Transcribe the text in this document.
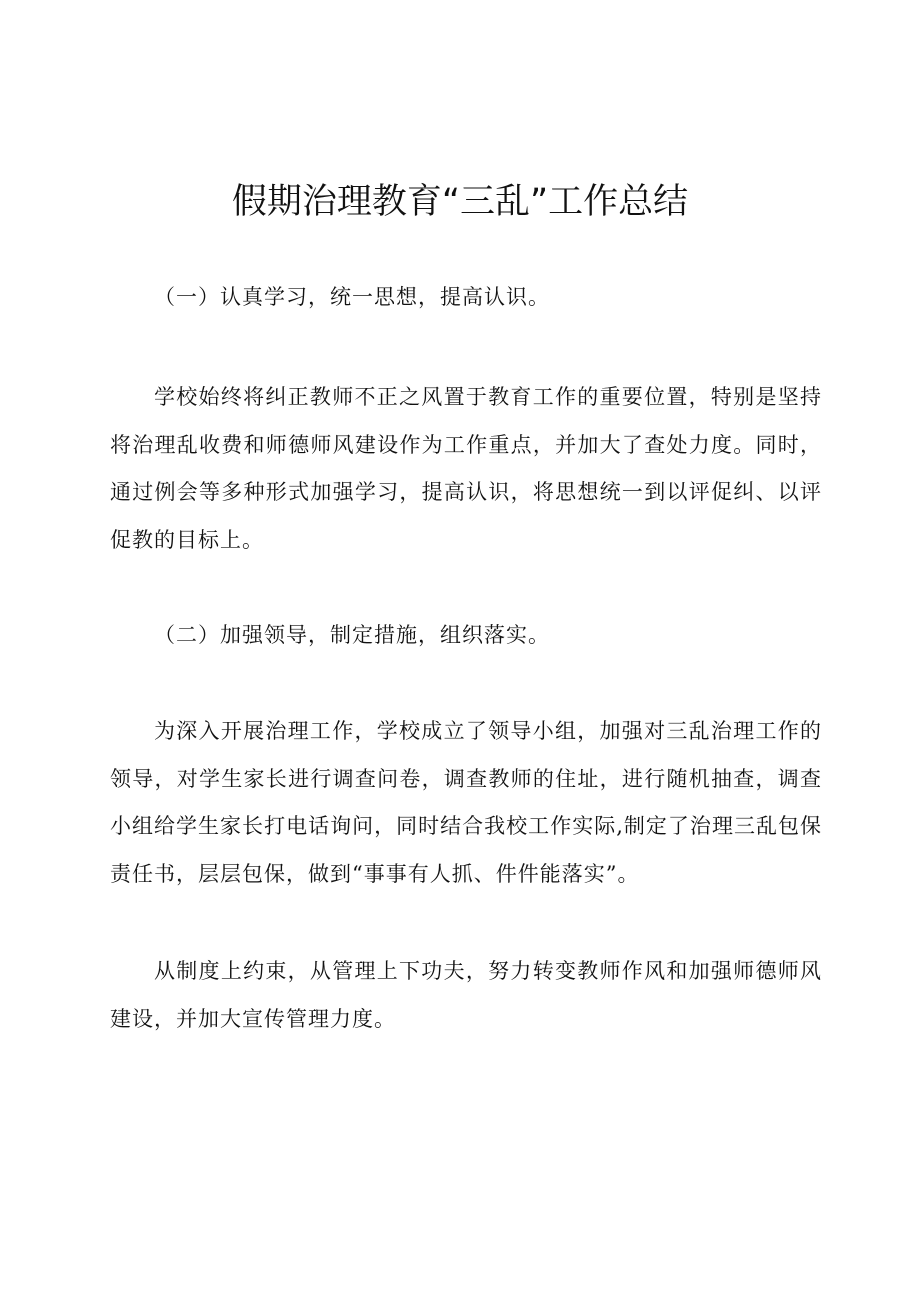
假期治理教育“三乱”工作总结

（一）认真学习，统一思想，提高认识。

学校始终将纠正教师不正之风置于教育工作的重要位置，特别是坚持将治理乱收费和师德师风建设作为工作重点，并加大了查处力度。同时，通过例会等多种形式加强学习，提高认识，将思想统一到以评促纠、以评促教的目标上。

（二）加强领导，制定措施，组织落实。

为深入开展治理工作，学校成立了领导小组，加强对三乱治理工作的领导，对学生家长进行调查问卷，调查教师的住址，进行随机抽查，调查小组给学生家长打电话询问，同时结合我校工作实际,制定了治理三乱包保责任书，层层包保，做到“事事有人抓、件件能落实”。

从制度上约束，从管理上下功夫，努力转变教师作风和加强师德师风建设，并加大宣传管理力度。
